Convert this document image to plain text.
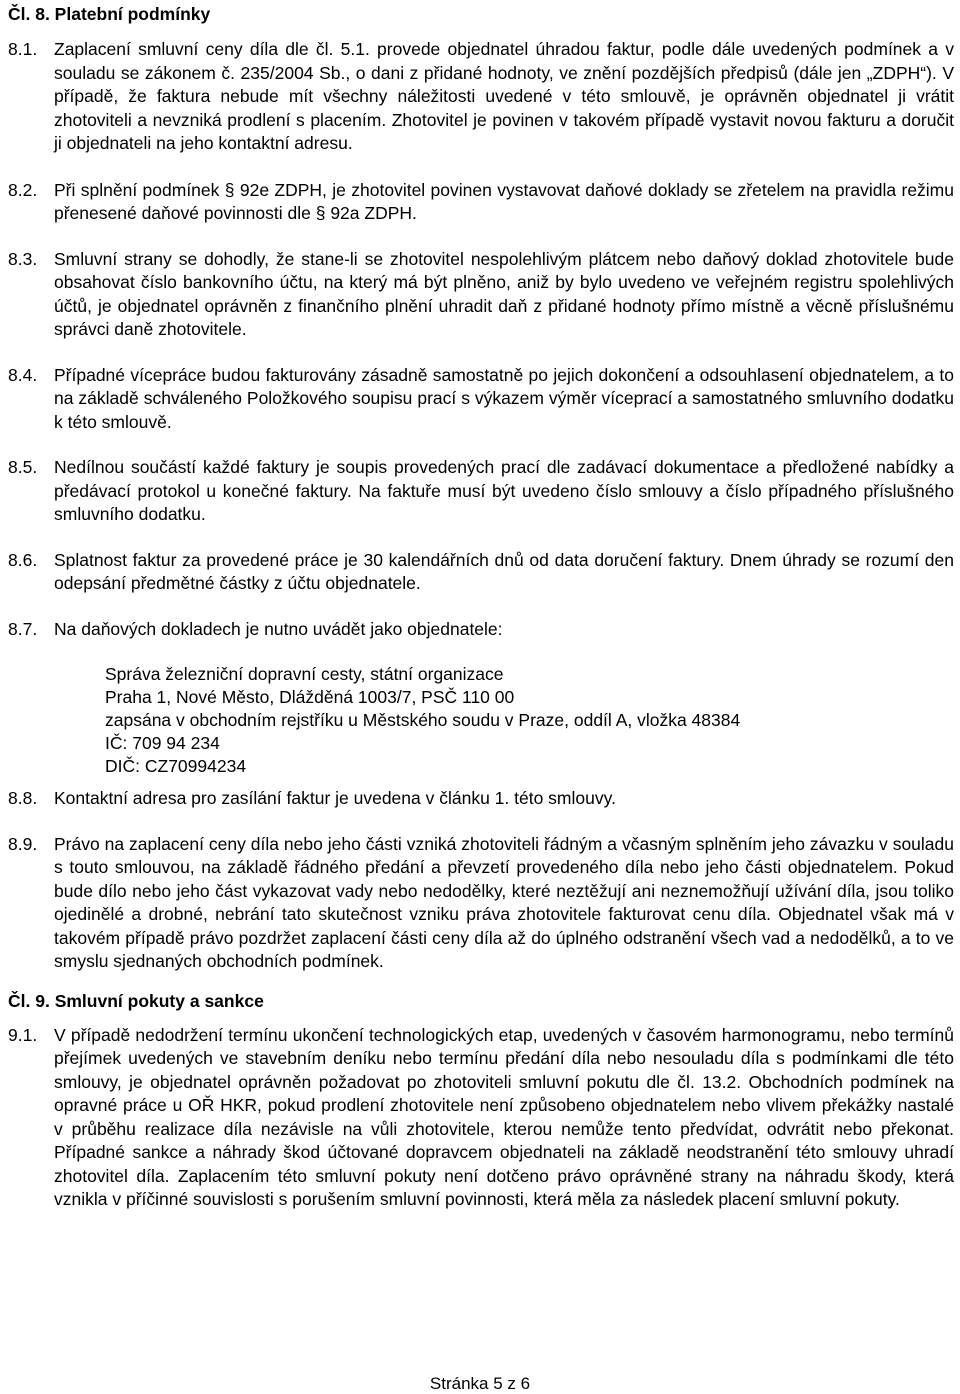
Čl. 8. Platební podmínky
8.1. Zaplacení smluvní ceny díla dle čl. 5.1. provede objednatel úhradou faktur, podle dále uvedených podmínek a v souladu se zákonem č. 235/2004 Sb., o dani z přidané hodnoty, ve znění pozdějších předpisů (dále jen „ZDPH“). V případě, že faktura nebude mít všechny náležitosti uvedené v této smlouvě, je oprávněn objednatel ji vrátit zhotoviteli a nevzniká prodlení s placením. Zhotovitel je povinen v takovém případě vystavit novou fakturu a doručit ji objednateli na jeho kontaktní adresu.
8.2. Při splnění podmínek § 92e ZDPH, je zhotovitel povinen vystavovat daňové doklady se zřetelem na pravidla režimu přenesené daňové povinnosti dle § 92a ZDPH.
8.3. Smluvní strany se dohodly, že stane-li se zhotovitel nespolehlivým plátcem nebo daňový doklad zhotovitele bude obsahovat číslo bankovního účtu, na který má být plněno, aniž by bylo uvedeno ve veřejném registru spolehlivých účtů, je objednatel oprávněn z finančního plnění uhradit daň z přidané hodnoty přímo místně a věcně příslušnému správci daně zhotovitele.
8.4. Případné vícepráce budou fakturovány zásadně samostatně po jejich dokončení a odsouhlasení objednatelem, a to na základě schváleného Položkového soupisu prací s výkazem výměr víceprací a samostatného smluvního dodatku k této smlouvě.
8.5. Nedílnou součástí každé faktury je soupis provedených prací dle zadávací dokumentace a předložené nabídky a předávací protokol u konečné faktury. Na faktuře musí být uvedeno číslo smlouvy a číslo případného příslušného smluvního dodatku.
8.6. Splatnost faktur za provedené práce je 30 kalendářních dnů od data doručení faktury. Dnem úhrady se rozumí den odepsání předmětné částky z účtu objednatele.
8.7. Na daňových dokladech je nutno uvádět jako objednatele:
Správa železniční dopravní cesty, státní organizace
Praha 1, Nové Město, Dlážděná 1003/7, PSČ 110 00
zapsána v obchodním rejstříku u Městského soudu v Praze, oddíl A, vložka 48384
IČ: 709 94 234
DIČ: CZ70994234
8.8. Kontaktní adresa pro zasílání faktur je uvedena v článku 1. této smlouvy.
8.9. Právo na zaplacení ceny díla nebo jeho části vzniká zhotoviteli řádným a včasným splněním jeho závazku v souladu s touto smlouvou, na základě řádného předání a převzetí provedeného díla nebo jeho části objednatelem. Pokud bude dílo nebo jeho část vykazovat vady nebo nedodělky, které neztěžují ani neznemožňují užívání díla, jsou toliko ojedinělé a drobné, nebrání tato skutečnost vzniku práva zhotovitele fakturovat cenu díla. Objednatel však má v takovém případě právo pozdržet zaplacení části ceny díla až do úplného odstranění všech vad a nedodělků, a to ve smyslu sjednaných obchodních podmínek.
Čl. 9. Smluvní pokuty a sankce
9.1. V případě nedodržení termínu ukončení technologických etap, uvedených v časovém harmonogramu, nebo termínů přejímek uvedených ve stavebním deníku nebo termínu předání díla nebo nesouladu díla s podmínkami dle této smlouvy, je objednatel oprávněn požadovat po zhotoviteli smluvní pokutu dle čl. 13.2. Obchodních podmínek na opravné práce u OŘ HKR, pokud prodlení zhotovitele není způsobeno objednatelem nebo vlivem překážky nastalé v průběhu realizace díla nezávisle na vůli zhotovitele, kterou nemůže tento předvídat, odvrátit nebo překonat. Případné sankce a náhrady škod účtované dopravcem objednateli na základě neodstranění této smlouvy uhradí zhotovitel díla. Zaplacením této smluvní pokuty není dotčeno právo oprávněné strany na náhradu škody, která vznikla v příčinné souvislosti s porušením smluvní povinnosti, která měla za následek placení smluvní pokuty.
Stránka 5 z 6
